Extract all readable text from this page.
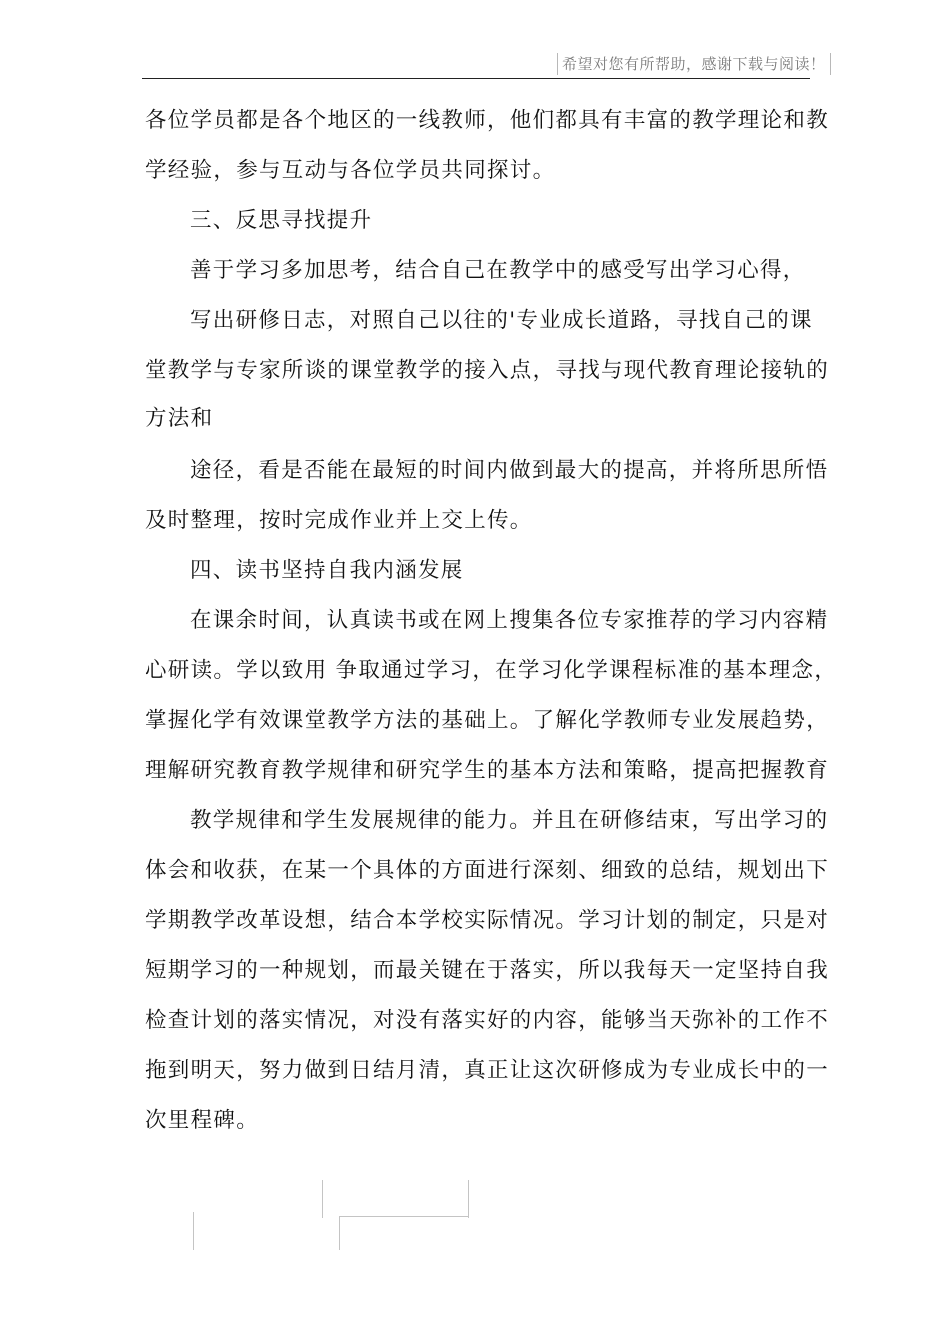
希望对您有所帮助，感谢下载与阅读！
各位学员都是各个地区的一线教师，他们都具有丰富的教学理论和教
学经验，参与互动与各位学员共同探讨。
三、反思寻找提升
善于学习多加思考，结合自己在教学中的感受写出学习心得，
写出研修日志，对照自己以往的'专业成长道路，寻找自己的课
堂教学与专家所谈的课堂教学的接入点，寻找与现代教育理论接轨的
方法和
途径，看是否能在最短的时间内做到最大的提高，并将所思所悟
及时整理，按时完成作业并上交上传。
四、读书坚持自我内涵发展
在课余时间，认真读书或在网上搜集各位专家推荐的学习内容精
心研读。学以致用 争取通过学习，在学习化学课程标准的基本理念，
掌握化学有效课堂教学方法的基础上。了解化学教师专业发展趋势，
理解研究教育教学规律和研究学生的基本方法和策略，提高把握教育
教学规律和学生发展规律的能力。并且在研修结束，写出学习的
体会和收获，在某一个具体的方面进行深刻、细致的总结，规划出下
学期教学改革设想，结合本学校实际情况。学习计划的制定，只是对
短期学习的一种规划，而最关键在于落实，所以我每天一定坚持自我
检查计划的落实情况，对没有落实好的内容，能够当天弥补的工作不
拖到明天，努力做到日结月清，真正让这次研修成为专业成长中的一
次里程碑。
